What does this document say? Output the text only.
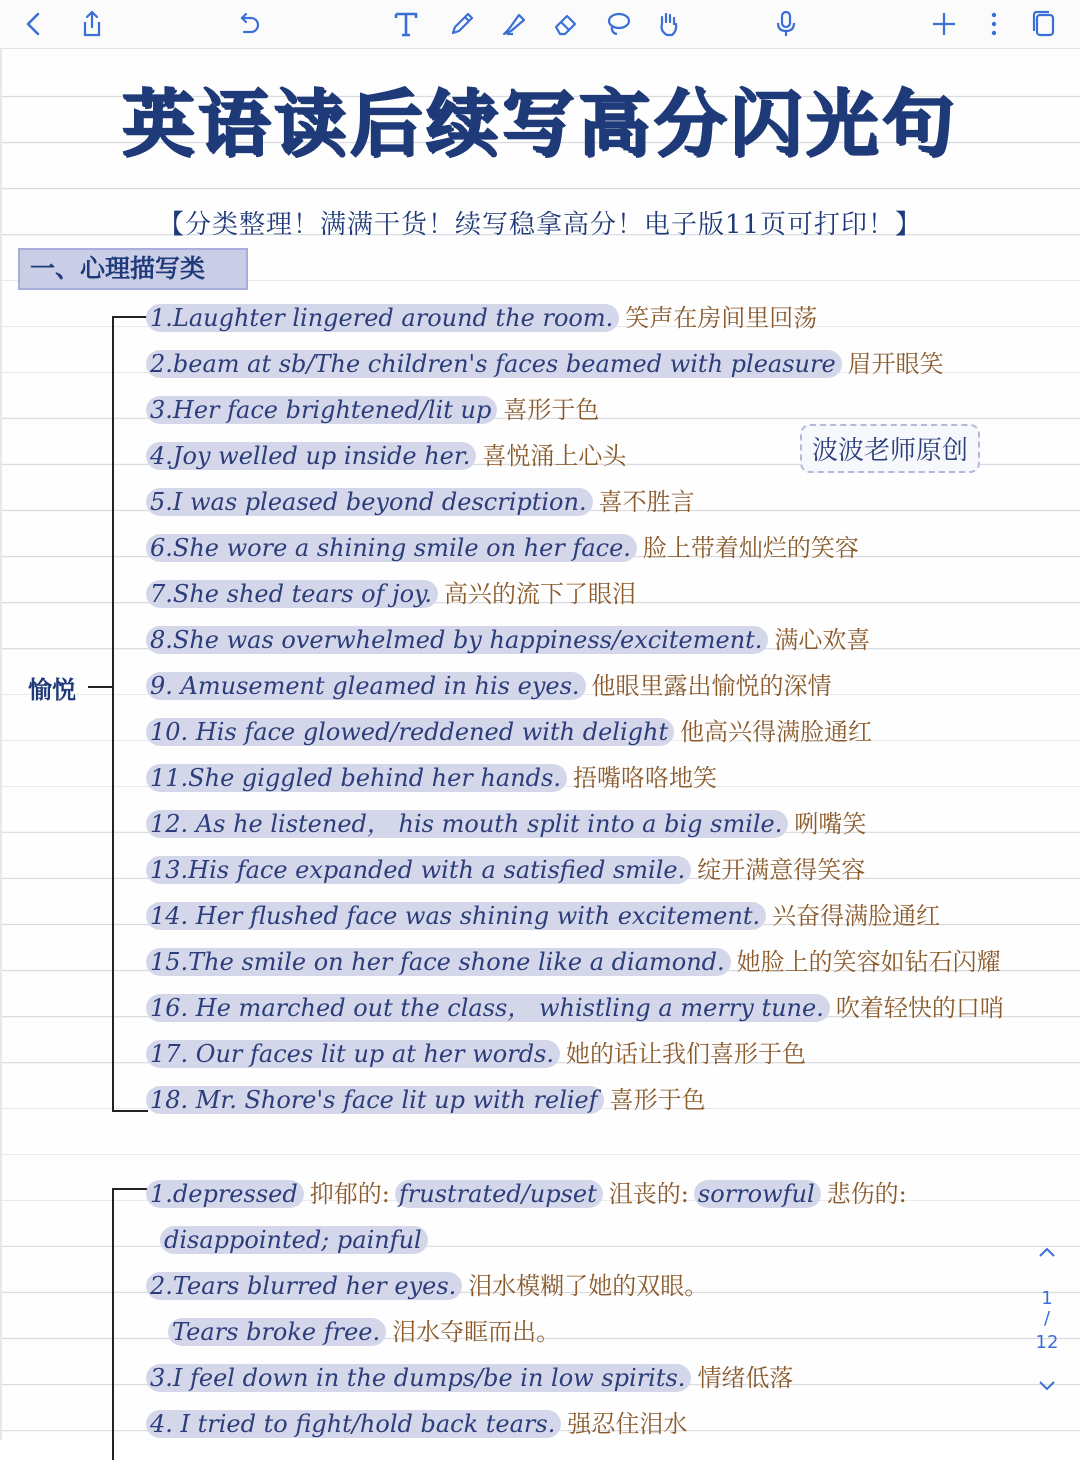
英语读后续写高分闪光句
【分类整理！满满干货！续写稳拿高分！电子版11页可打印！】
一、心理描写类
波波老师原创
愉悦
1.Laughter lingered around the room. 笑声在房间里回荡
2.beam at sb/The children's faces beamed with pleasure 眉开眼笑
3.Her face brightened/lit up 喜形于色
4.Joy welled up inside her. 喜悦涌上心头
5.I was pleased beyond description. 喜不胜言
6.She wore a shining smile on her face. 脸上带着灿烂的笑容
7.She shed tears of joy. 高兴的流下了眼泪
8.She was overwhelmed by happiness/excitement. 满心欢喜
9. Amusement gleamed in his eyes. 他眼里露出愉悦的深情
10. His face glowed/reddened with delight 他高兴得满脸通红
11.She giggled behind her hands. 捂嘴咯咯地笑
12. As he listened， his mouth split into a big smile. 咧嘴笑
13.His face expanded with a satisfied smile. 绽开满意得笑容
14. Her flushed face was shining with excitement. 兴奋得满脸通红
15.The smile on her face shone like a diamond. 她脸上的笑容如钻石闪耀
16. He marched out the class， whistling a merry tune. 吹着轻快的口哨
17. Our faces lit up at her words. 她的话让我们喜形于色
18. Mr. Shore's face lit up with relief 喜形于色
1.depressed 抑郁的: frustrated/upset 沮丧的: sorrowful 悲伤的:
disappointed; painful
2.Tears blurred her eyes. 泪水模糊了她的双眼。
Tears broke free. 泪水夺眶而出。
3.I feel down in the dumps/be in low spirits. 情绪低落
4. I tried to fight/hold back tears. 强忍住泪水
1
/
12
